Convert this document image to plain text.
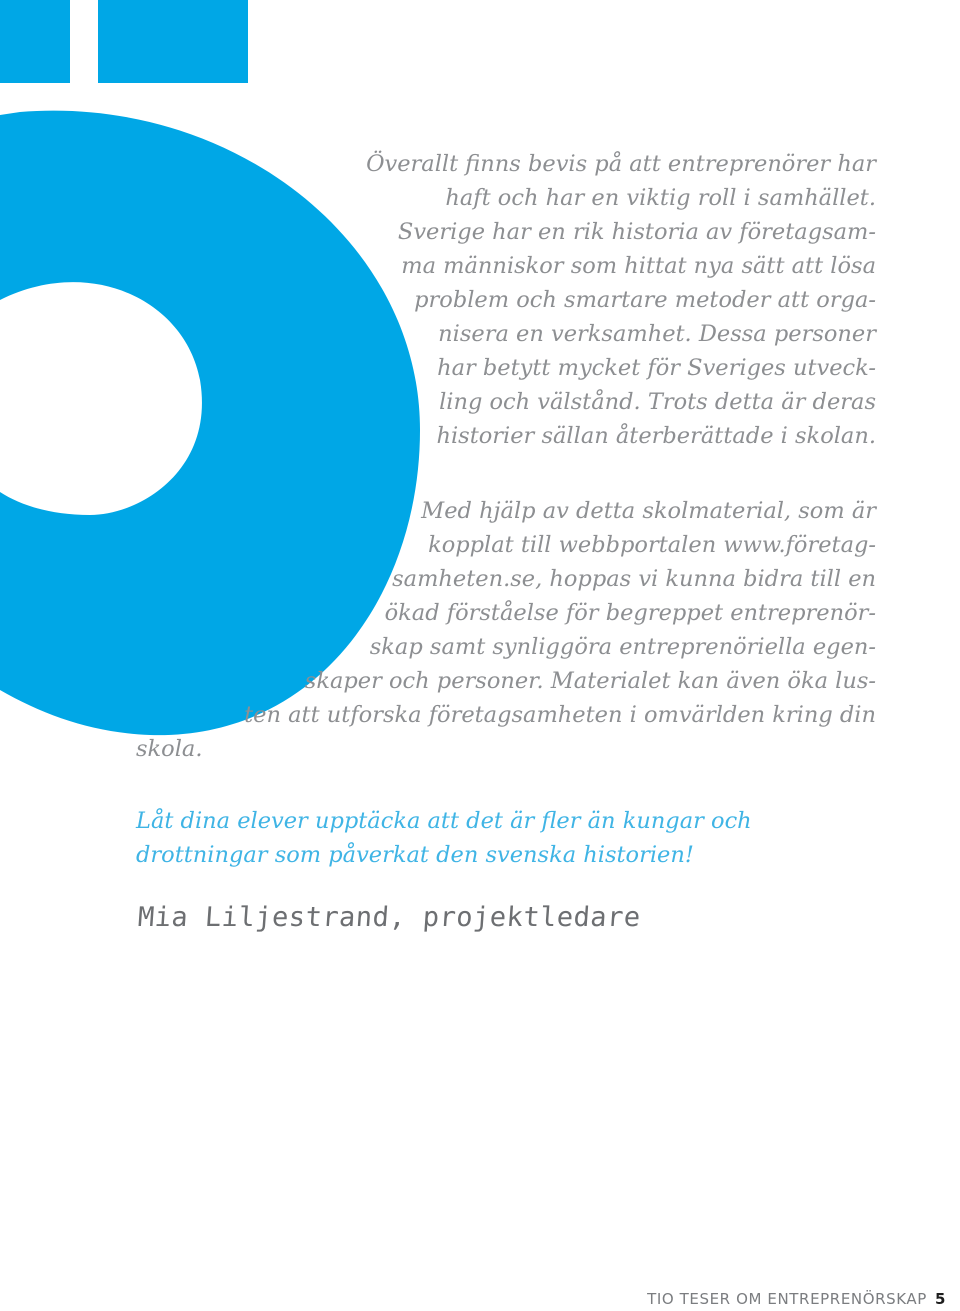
Överallt finns bevis på att entreprenörer har
haft och har en viktig roll i samhället.
Sverige har en rik historia av företagsam-
ma människor som hittat nya sätt att lösa
problem och smartare metoder att orga-
nisera en verksamhet. Dessa personer
har betytt mycket för Sveriges utveck-
ling och välstånd. Trots detta är deras
historier sällan återberättade i skolan.
Med hjälp av detta skolmaterial, som är
kopplat till webbportalen www.företag-
samheten.se, hoppas vi kunna bidra till en
ökad förståelse för begreppet entreprenör-
skap samt synliggöra entreprenöriella egen-
skaper och personer. Materialet kan även öka lus-
ten att utforska företagsamheten i omvärlden kring din
skola.
Låt dina elever upptäcka att det är fler än kungar och
drottningar som påverkat den svenska historien!
Mia Liljestrand, projektledare
TIO TESER OM ENTREPRENÖRSKAP 5
